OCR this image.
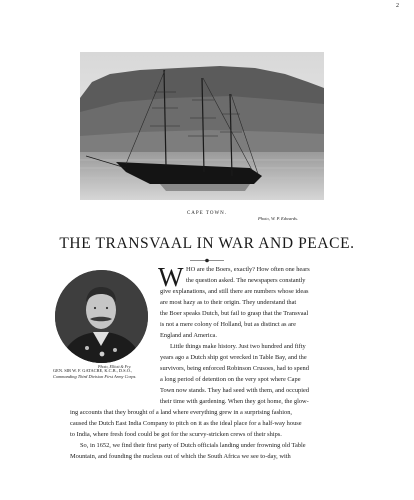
2
CAPE TOWN.
Photo, W. P. Edwards.
THE TRANSVAAL IN WAR AND PEACE.
Photo, Elliott & Fry.
GEN. SIR W. F. GATACRE, K.C.B., D.S.O.,
Commanding Third Division First Army Corps.
W HO are the Boers, exactly? How often one hears
the question asked. The newspapers constantly
give explanations, and still there are numbers whose ideas
are most hazy as to their origin. They understand that
the Boer speaks Dutch, but fail to grasp that the Transvaal
is not a mere colony of Holland, but as distinct as are
England and America.
Little things make history. Just two hundred and fifty
years ago a Dutch ship got wrecked in Table Bay, and the
survivors, being enforced Robinson Crusoes, had to spend
a long period of detention on the very spot where Cape
Town now stands. They had seed with them, and occupied
their time with gardening. When they got home, the glow-
ing accounts that they brought of a land where everything grew in a surprising fashion,
caused the Dutch East India Company to pitch on it as the ideal place for a half-way house
to India, where fresh food could be got for the scurvy-stricken crews of their ships.
So, in 1652, we find their first party of Dutch officials landing under frowning old Table
Mountain, and founding the nucleus out of which the South Africa we see to-day, with
